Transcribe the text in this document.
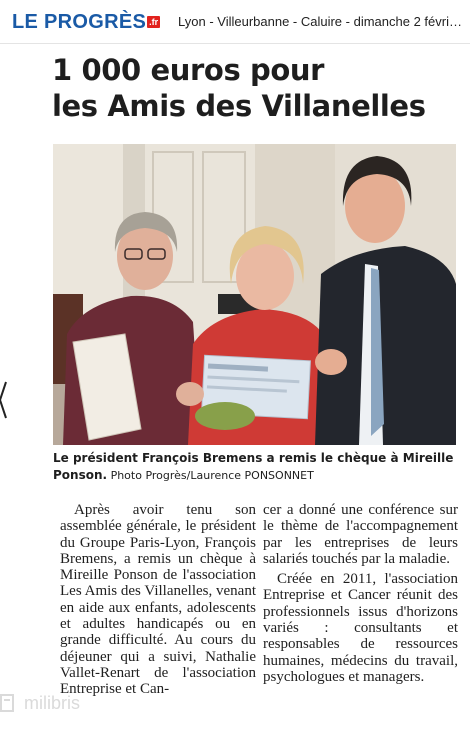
LE PROGRÈS .fr Lyon - Villeurbanne - Caluire - dimanche 2 févri…
1 000 euros pour
les Amis des Villanelles

Le président François Bremens a remis le chèque à Mireille Ponson. Photo Progrès/Laurence PONSONNET

Après avoir tenu son assemblée générale, le président du Groupe Paris-Lyon, François Bremens, a remis un chèque à Mireille Ponson de l'association Les Amis des Villanelles, venant en aide aux enfants, adolescents et adultes handicapés ou en grande difficulté. Au cours du déjeuner qui a suivi, Nathalie Vallet-Renart de l'association Entreprise et Can-

cer a donné une conférence sur le thème de l'accompagnement par les entreprises de leurs salariés touchés par la maladie.

Créée en 2011, l'association Entreprise et Cancer réunit des professionnels issus d'horizons variés : consultants et responsables de ressources humaines, médecins du travail, psychologues et managers.

milibris
